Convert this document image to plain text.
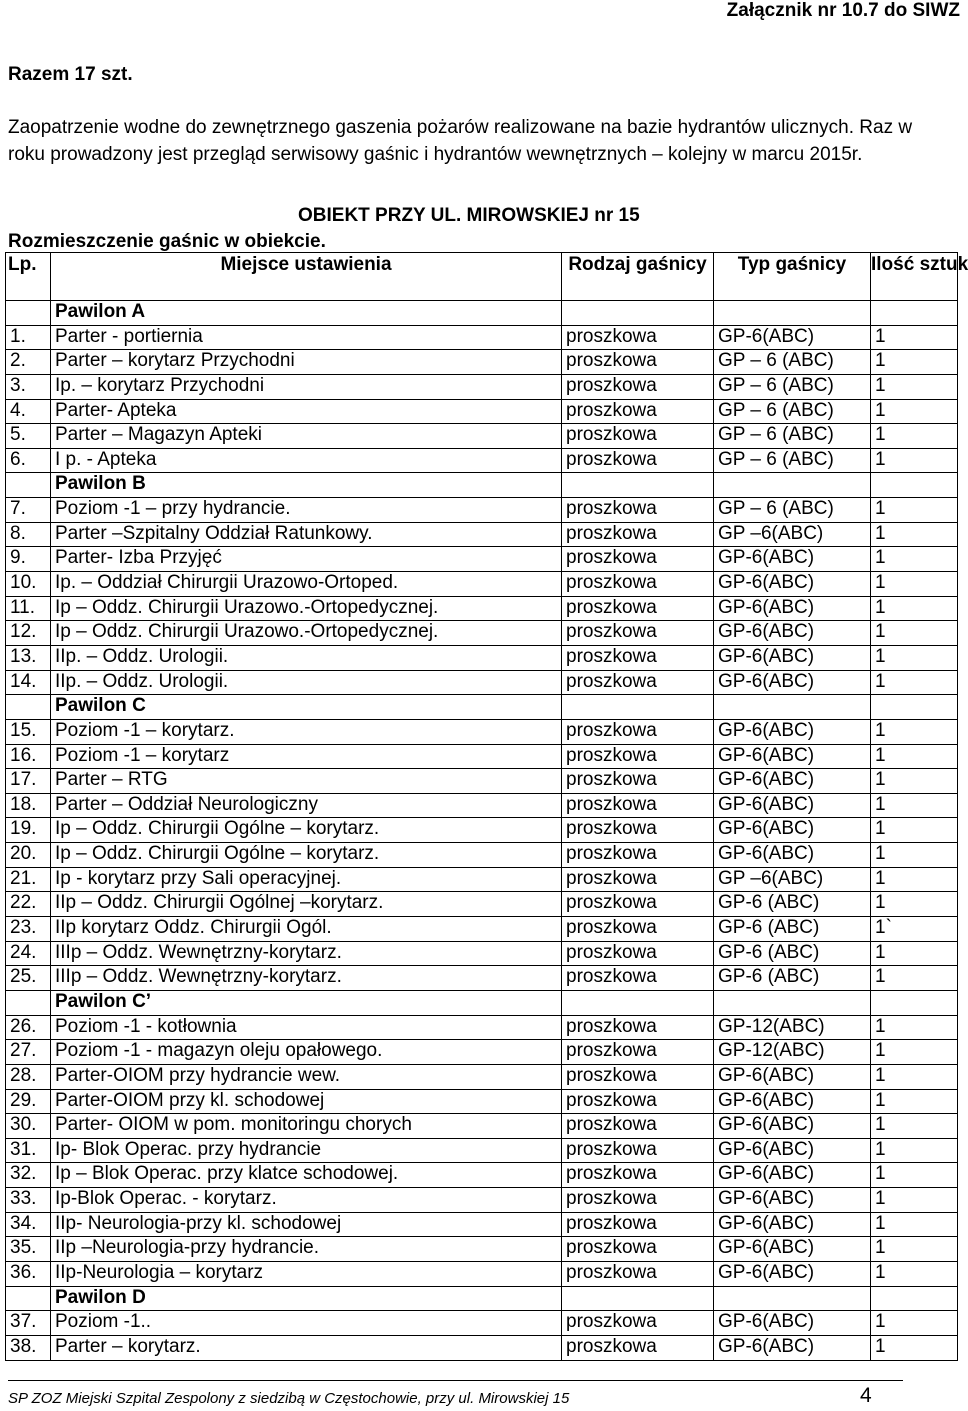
Załącznik nr 10.7 do SIWZ
Razem 17 szt.
Zaopatrzenie wodne do zewnętrznego gaszenia pożarów realizowane na bazie hydrantów ulicznych. Raz w roku prowadzony jest przegląd serwisowy gaśnic i hydrantów wewnętrznych – kolejny w marcu 2015r.
OBIEKT PRZY UL. MIROWSKIEJ nr 15
Rozmieszczenie gaśnic w obiekcie.
Lp.	Miejsce ustawienia	Rodzaj gaśnicy	Typ gaśnicy	Ilość sztuk
	Pawilon A			
1.	Parter - portiernia	proszkowa	GP-6(ABC)	1
2.	Parter – korytarz Przychodni	proszkowa	GP – 6 (ABC)	1
3.	Ip. – korytarz Przychodni	proszkowa	GP – 6 (ABC)	1
4.	Parter- Apteka	proszkowa	GP – 6 (ABC)	1
5.	Parter – Magazyn Apteki	proszkowa	GP – 6 (ABC)	1
6.	I p. - Apteka	proszkowa	GP – 6 (ABC)	1
	Pawilon B			
7.	Poziom -1 – przy hydrancie.	proszkowa	GP – 6 (ABC)	1
8.	Parter –Szpitalny Oddział Ratunkowy.	proszkowa	GP –6(ABC)	1
9.	Parter- Izba Przyjęć	proszkowa	GP-6(ABC)	1
10.	Ip. – Oddział Chirurgii Urazowo-Ortoped.	proszkowa	GP-6(ABC)	1
11.	Ip – Oddz. Chirurgii Urazowo.-Ortopedycznej.	proszkowa	GP-6(ABC)	1
12.	Ip – Oddz. Chirurgii Urazowo.-Ortopedycznej.	proszkowa	GP-6(ABC)	1
13.	IIp. – Oddz. Urologii.	proszkowa	GP-6(ABC)	1
14.	IIp. – Oddz. Urologii.	proszkowa	GP-6(ABC)	1
	Pawilon C			
15.	Poziom -1 – korytarz.	proszkowa	GP-6(ABC)	1
16.	Poziom -1 – korytarz	proszkowa	GP-6(ABC)	1
17.	Parter – RTG	proszkowa	GP-6(ABC)	1
18.	Parter – Oddział Neurologiczny	proszkowa	GP-6(ABC)	1
19.	Ip – Oddz. Chirurgii Ogólne – korytarz.	proszkowa	GP-6(ABC)	1
20.	Ip – Oddz. Chirurgii Ogólne – korytarz.	proszkowa	GP-6(ABC)	1
21.	Ip - korytarz przy Sali operacyjnej.	proszkowa	GP –6(ABC)	1
22.	IIp – Oddz. Chirurgii Ogólnej –korytarz.	proszkowa	GP-6 (ABC)	1
23.	IIp korytarz Oddz. Chirurgii Ogól.	proszkowa	GP-6 (ABC)	1`
24.	IIIp – Oddz. Wewnętrzny-korytarz.	proszkowa	GP-6 (ABC)	1
25.	IIIp – Oddz. Wewnętrzny-korytarz.	proszkowa	GP-6 (ABC)	1
	Pawilon C’			
26.	Poziom -1 - kotłownia	proszkowa	GP-12(ABC)	1
27.	Poziom -1 - magazyn oleju opałowego.	proszkowa	GP-12(ABC)	1
28.	Parter-OIOM przy hydrancie wew.	proszkowa	GP-6(ABC)	1
29.	Parter-OIOM przy kl. schodowej	proszkowa	GP-6(ABC)	1
30.	Parter- OIOM w pom. monitoringu chorych	proszkowa	GP-6(ABC)	1
31.	Ip- Blok Operac. przy hydrancie	proszkowa	GP-6(ABC)	1
32.	Ip – Blok Operac. przy klatce schodowej.	proszkowa	GP-6(ABC)	1
33.	Ip-Blok Operac. - korytarz.	proszkowa	GP-6(ABC)	1
34.	IIp- Neurologia-przy kl. schodowej	proszkowa	GP-6(ABC)	1
35.	IIp –Neurologia-przy hydrancie.	proszkowa	GP-6(ABC)	1
36.	IIp-Neurologia – korytarz	proszkowa	GP-6(ABC)	1
	Pawilon D			
37.	Poziom -1..	proszkowa	GP-6(ABC)	1
38.	Parter – korytarz.	proszkowa	GP-6(ABC)	1
SP ZOZ Miejski Szpital Zespolony z siedzibą w Częstochowie, przy ul. Mirowskiej 15	4
